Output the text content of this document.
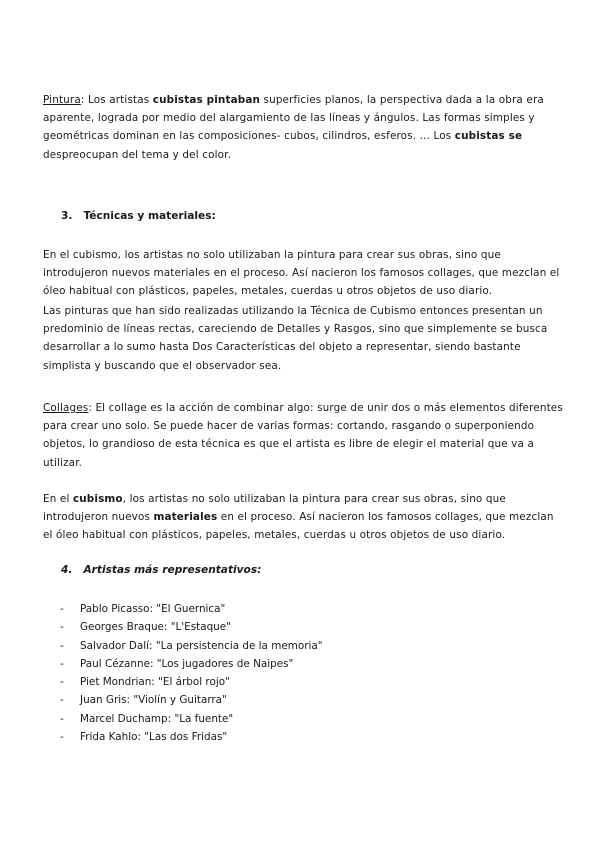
Pintura: Los artistas cubistas pintaban superficies planos, la perspectiva dada a la obra era aparente, lograda por medio del alargamiento de las líneas y ángulos. Las formas simples y geométricas dominan en las composiciones- cubos, cilindros, esferos. ... Los cubistas se despreocupan del tema y del color.

3. Técnicas y materiales:

En el cubismo, los artistas no solo utilizaban la pintura para crear sus obras, sino que introdujeron nuevos materiales en el proceso. Así nacieron los famosos collages, que mezclan el óleo habitual con plásticos, papeles, metales, cuerdas u otros objetos de uso diario.

Las pinturas que han sido realizadas utilizando la Técnica de Cubismo entonces presentan un predominio de líneas rectas, careciendo de Detalles y Rasgos, sino que simplemente se busca desarrollar a lo sumo hasta Dos Características del objeto a representar, siendo bastante simplista y buscando que el observador sea.

Collages: El collage es la acción de combinar algo: surge de unir dos o más elementos diferentes para crear uno solo. Se puede hacer de varias formas: cortando, rasgando o superponiendo objetos, lo grandioso de esta técnica es que el artista es libre de elegir el material que va a utilizar.

En el cubismo, los artistas no solo utilizaban la pintura para crear sus obras, sino que introdujeron nuevos materiales en el proceso. Así nacieron los famosos collages, que mezclan el óleo habitual con plásticos, papeles, metales, cuerdas u otros objetos de uso diario.

4. Artistas más representativos:
- Pablo Picasso: "El Guernica"
- Georges Braque: "L'Estaque"
- Salvador Dalí: "La persistencia de la memoria"
- Paul Cézanne: "Los jugadores de Naipes"
- Piet Mondrian: "El árbol rojo"
- Juan Gris: "Violín y Guitarra"
- Marcel Duchamp: "La fuente"
- Frida Kahlo: "Las dos Fridas"
